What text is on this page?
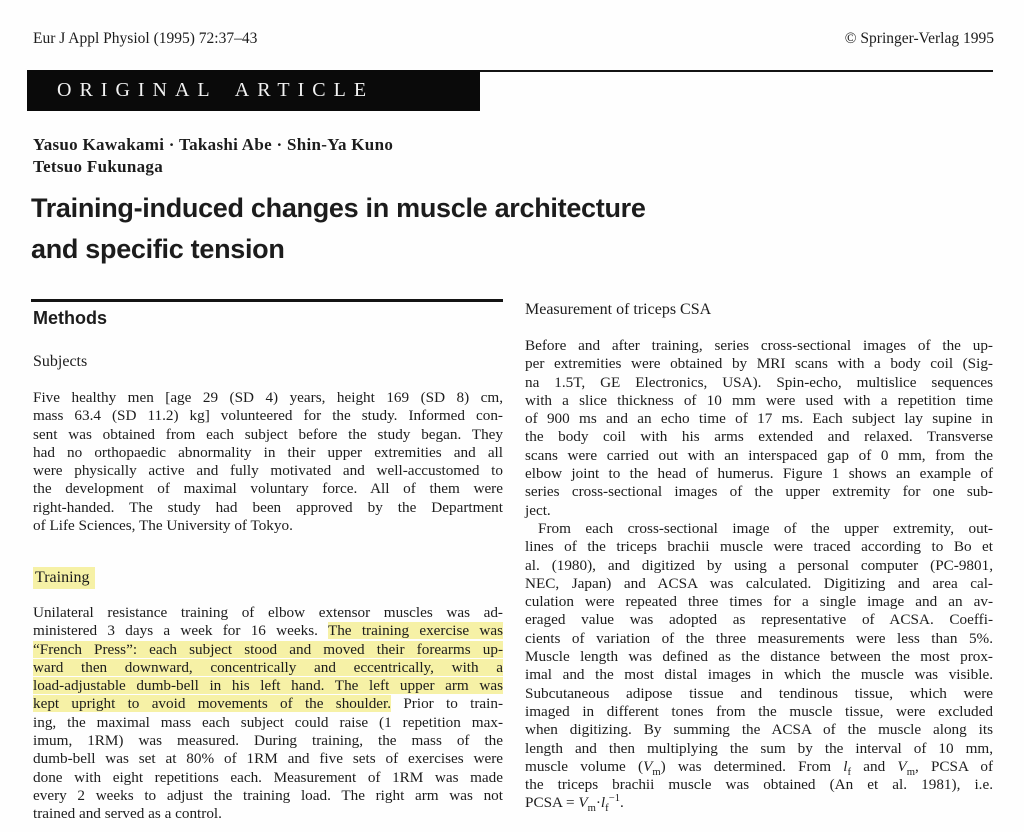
Eur J Appl Physiol (1995) 72:37–43	© Springer-Verlag 1995
ORIGINAL ARTICLE
Yasuo Kawakami · Takashi Abe · Shin-Ya Kuno
Tetsuo Fukunaga
Training-induced changes in muscle architecture
and specific tension
Methods
Subjects
Five healthy men [age 29 (SD 4) years, height 169 (SD 8) cm,
mass 63.4 (SD 11.2) kg] volunteered for the study. Informed con-
sent was obtained from each subject before the study began. They
had no orthopaedic abnormality in their upper extremities and all
were physically active and fully motivated and well-accustomed to
the development of maximal voluntary force. All of them were
right-handed. The study had been approved by the Department
of Life Sciences, The University of Tokyo.
Training
Unilateral resistance training of elbow extensor muscles was ad-
ministered 3 days a week for 16 weeks. The training exercise was
“French Press”: each subject stood and moved their forearms up-
ward then downward, concentrically and eccentrically, with a
load-adjustable dumb-bell in his left hand. The left upper arm was
kept upright to avoid movements of the shoulder. Prior to train-
ing, the maximal mass each subject could raise (1 repetition max-
imum, 1RM) was measured. During training, the mass of the
dumb-bell was set at 80% of 1RM and five sets of exercises were
done with eight repetitions each. Measurement of 1RM was made
every 2 weeks to adjust the training load. The right arm was not
trained and served as a control.
Measurement of triceps CSA
Before and after training, series cross-sectional images of the up-
per extremities were obtained by MRI scans with a body coil (Sig-
na 1.5T, GE Electronics, USA). Spin-echo, multislice sequences
with a slice thickness of 10 mm were used with a repetition time
of 900 ms and an echo time of 17 ms. Each subject lay supine in
the body coil with his arms extended and relaxed. Transverse
scans were carried out with an interspaced gap of 0 mm, from the
elbow joint to the head of humerus. Figure 1 shows an example of
series cross-sectional images of the upper extremity for one sub-
ject.
From each cross-sectional image of the upper extremity, out-
lines of the triceps brachii muscle were traced according to Bo et
al. (1980), and digitized by using a personal computer (PC-9801,
NEC, Japan) and ACSA was calculated. Digitizing and area cal-
culation were repeated three times for a single image and an av-
eraged value was adopted as representative of ACSA. Coeffi-
cients of variation of the three measurements were less than 5%.
Muscle length was defined as the distance between the most prox-
imal and the most distal images in which the muscle was visible.
Subcutaneous adipose tissue and tendinous tissue, which were
imaged in different tones from the muscle tissue, were excluded
when digitizing. By summing the ACSA of the muscle along its
length and then multiplying the sum by the interval of 10 mm,
muscle volume $(V_m)$ was determined. From $l_f$ and $V_m$, PCSA of
the triceps brachii muscle was obtained (An et al. 1981), i.e.
PCSA = $V_m\cdot l_f^{-1}$.
